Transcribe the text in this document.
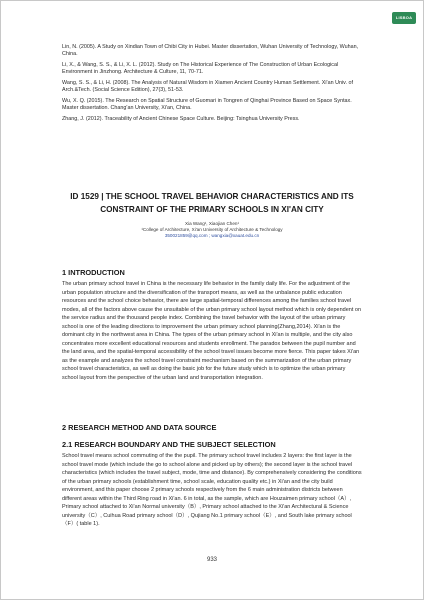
LISBOA

Lin, N. (2005). A Study on Xindian Town of Chibi City in Hubei. Master dissertation, Wuhan University of Technology, Wuhan, China.

Li, X., & Wang, S. S., & Li, X. L. (2012). Study on The Historical Experience of The Construction of Urban Ecological Environment in Jinzhong. Architecture & Culture, 11, 70-71.

Wang, S. S., & Li, H. (2008). The Analysis of Natural Wisdom in Xiamen Ancient Country Human Settlement. Xi'an Univ. of Arch.&Tech. (Social Science Edition), 27(3), 51-53.

Wu, X. Q. (2015). The Research on Spatial Structure of Guomari in Tongren of Qinghai Province Based on Space Syntax. Master dissertation. Chang'an University, Xi'an, China.

Zhang, J. (2012). Traceability of Ancient Chinese Space Culture. Beijing: Tsinghua University Press.

ID 1529 | THE SCHOOL TRAVEL BEHAVIOR CHARACTERISTICS AND ITS
CONSTRAINT OF THE PRIMARY SCHOOLS IN XI'AN CITY
Xia Wang¹, Xiaojian Chen¹
¹College of Architecture, Xi'an University of Architecture & Technology
350021859@qq.com ; wangxia@xauat.edu.cn
1 INTRODUCTION

The urban primary school travel in China is the necessary life behavior in the family daily life. For the adjustment of the urban population structure and the diversification of the transport means, as well as the unbalance public education resources and the school choice behavior, there are large spatial-temporal differences among the families school travel modes, all of the factors above cause the unsuitable of the urban primary school layout method which is only dependent on the service radius and the thousand people index. Combining the travel behavior with the layout of the urban primary school is one of the leading directions to improvement the urban primary school planning(Zhang,2014). Xi'an is the dominant city in the northwest area in China. The types of the urban primary school in Xi'an is multiple, and the city also concentrates more excellent educational resources and students enrollment. The paradox between the pupil number and the land area, and the spatial-temporal accessibility of the school travel issues become more fierce. This paper takes Xi'an as the example and analyzes the school travel constraint mechanism based on the summarization of the urban primary school travel characteristics, as well as doing the basic job for the future study which is to optimize the urban primary school layout from the perspective of the urban land and transportation integration.

2 RESEARCH METHOD AND DATA SOURCE
2.1 RESEARCH BOUNDARY AND THE SUBJECT SELECTION

School travel means school commuting of the the pupil. The primary school travel includes 2 layers: the first layer is the school travel mode (which include the go to school alone and picked up by others); the second layer is the school travel characteristics (which includes the travel subject, mode, time and distance). By comprehensively considering the conditions of the urban primary schools (establishment time, school scale, education quality etc.) in Xi'an and the city build environment, and this paper choose 2 primary schools respectively from the 6 main administration districts between different areas within the Third Ring road in Xi'an. 6 in total, as the sample, which are Houzaimen primary school（A）, Primary school attached to Xi'an Normal university（B）, Primary school attached to the Xi'an Architectural & Science university（C）, Cuihua Road primary school（D）, Qujiang No.1 primary school（E）, and South lake primary school（F）( table 1).

933
